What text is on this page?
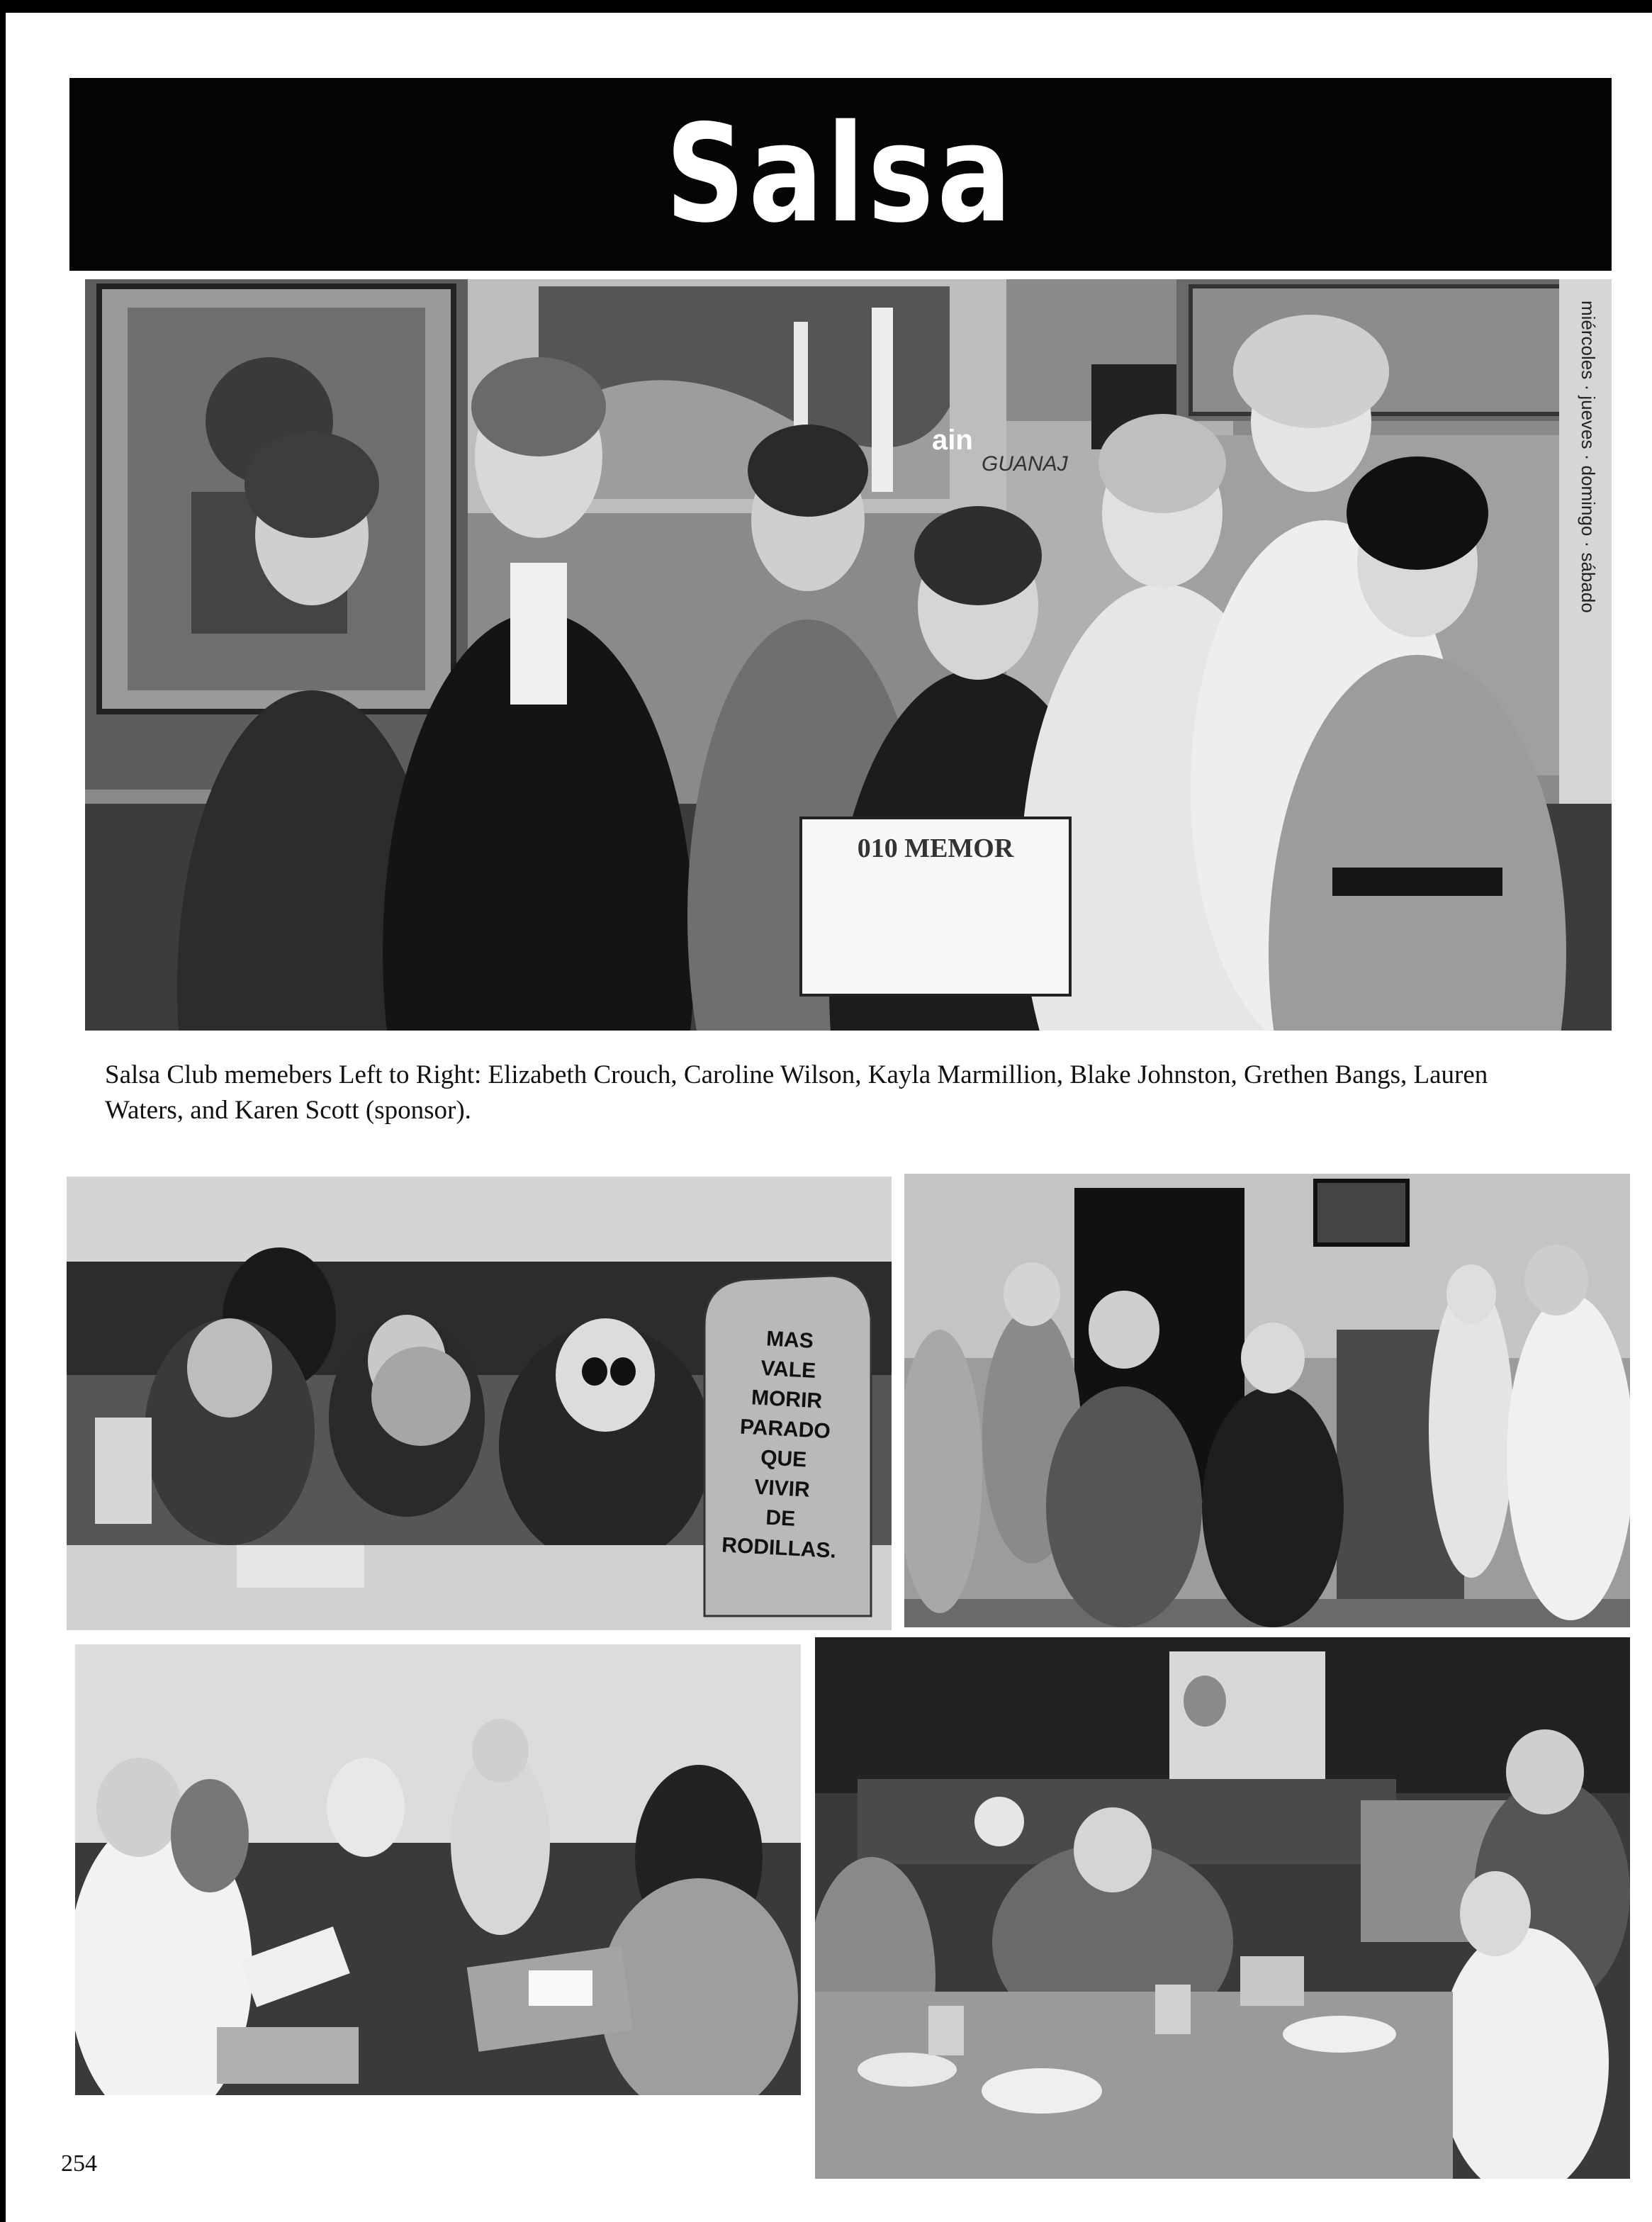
Salsa
ain
GUANAJ	miércoles · jueves · domingo · sábado
010 MEMOR
Salsa Club memebers Left to Right: Elizabeth Crouch, Caroline Wilson, Kayla Marmillion, Blake Johnston, Grethen Bangs, Lauren Waters, and Karen Scott (sponsor).
MASVALEMORIRPARADOQUEVIVIRDERODILLAS.
254
